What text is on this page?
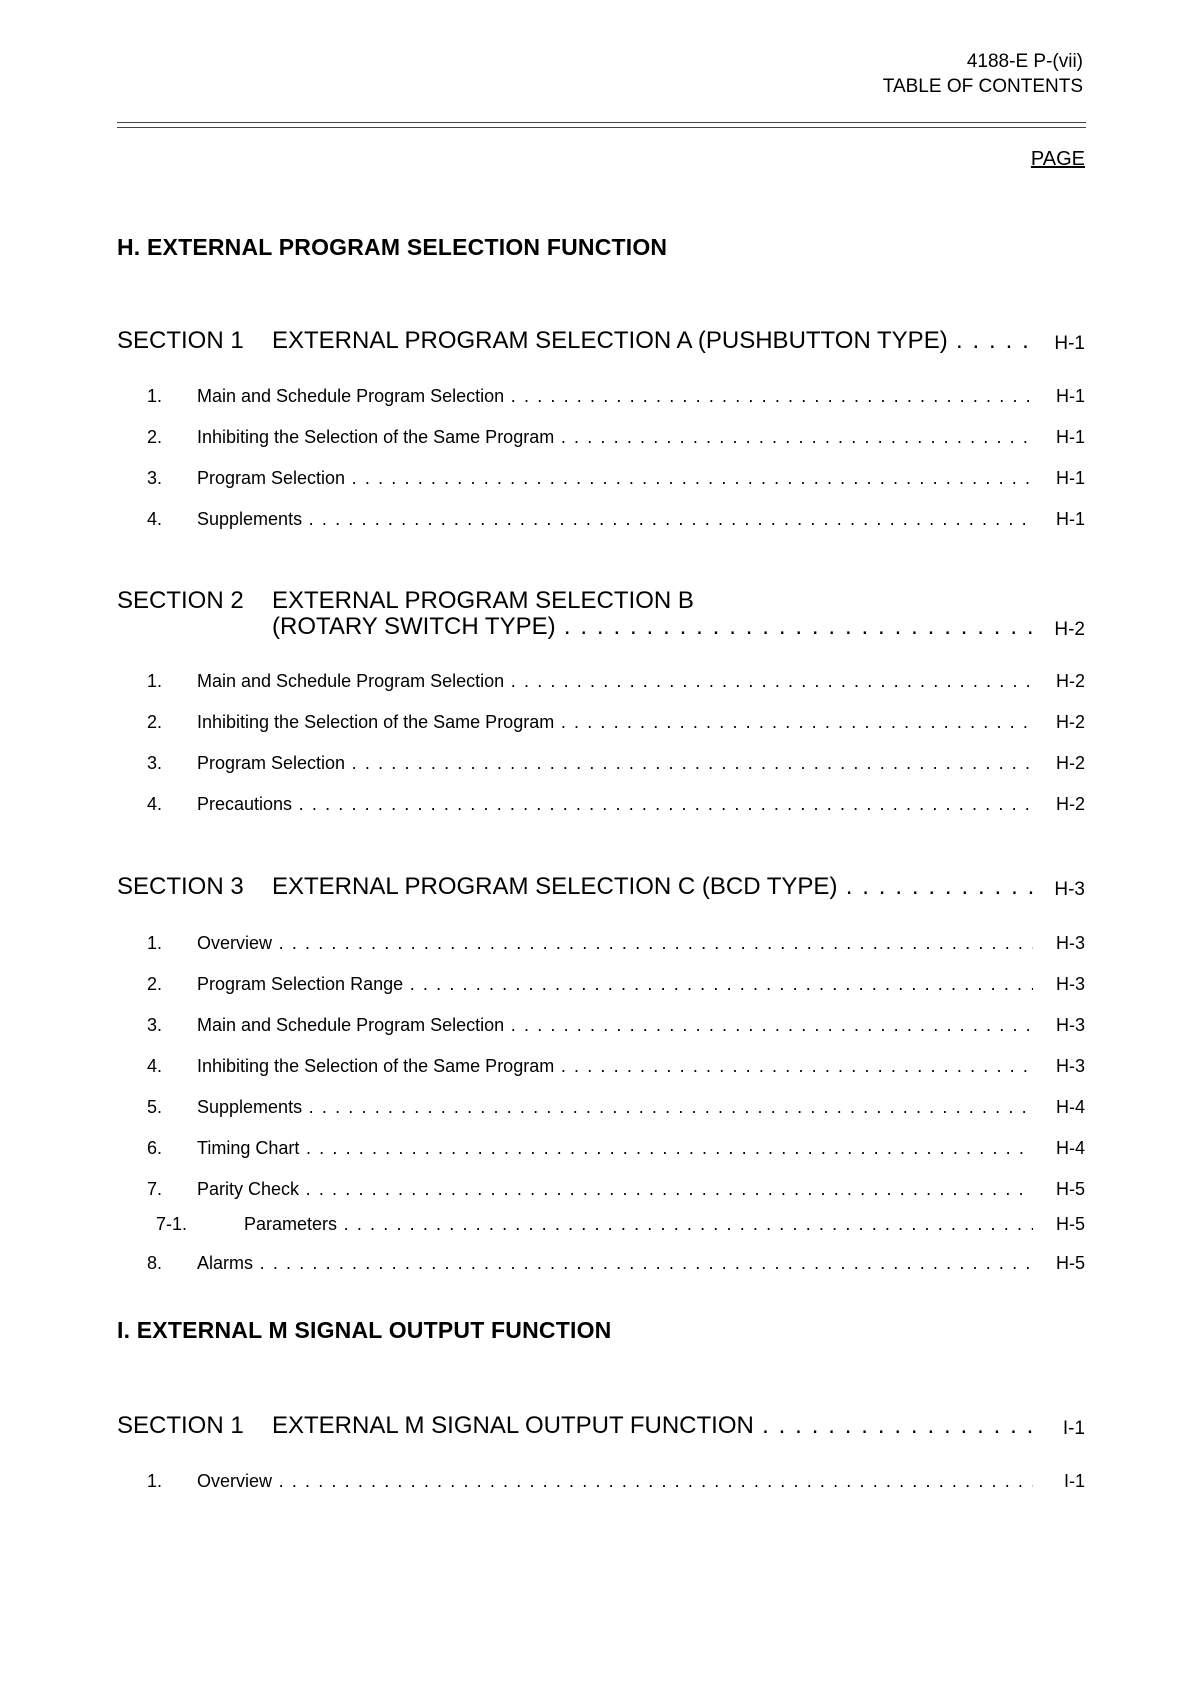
4188-E P-(vii)
TABLE OF CONTENTS
PAGE
H. EXTERNAL PROGRAM SELECTION FUNCTION
SECTION 1 EXTERNAL PROGRAM SELECTION A (PUSHBUTTON TYPE) . . .	H-1
1. Main and Schedule Program Selection . . .	H-1
2. Inhibiting the Selection of the Same Program . . .	H-1
3. Program Selection . . .	H-1
4. Supplements . . .	H-1
SECTION 2 EXTERNAL PROGRAM SELECTION B
(ROTARY SWITCH TYPE) . . .	H-2
1. Main and Schedule Program Selection . . .	H-2
2. Inhibiting the Selection of the Same Program . . .	H-2
3. Program Selection . . .	H-2
4. Precautions . . .	H-2
SECTION 3 EXTERNAL PROGRAM SELECTION C (BCD TYPE) . . .	H-3
1. Overview . . .	H-3
2. Program Selection Range . . .	H-3
3. Main and Schedule Program Selection . . .	H-3
4. Inhibiting the Selection of the Same Program . . .	H-3
5. Supplements . . .	H-4
6. Timing Chart . . .	H-4
7. Parity Check . . .	H-5
7-1.	Parameters . . .	H-5
8. Alarms . . .	H-5
I. EXTERNAL M SIGNAL OUTPUT FUNCTION
SECTION 1 EXTERNAL M SIGNAL OUTPUT FUNCTION . . .	I-1
1. Overview . . .	I-1
